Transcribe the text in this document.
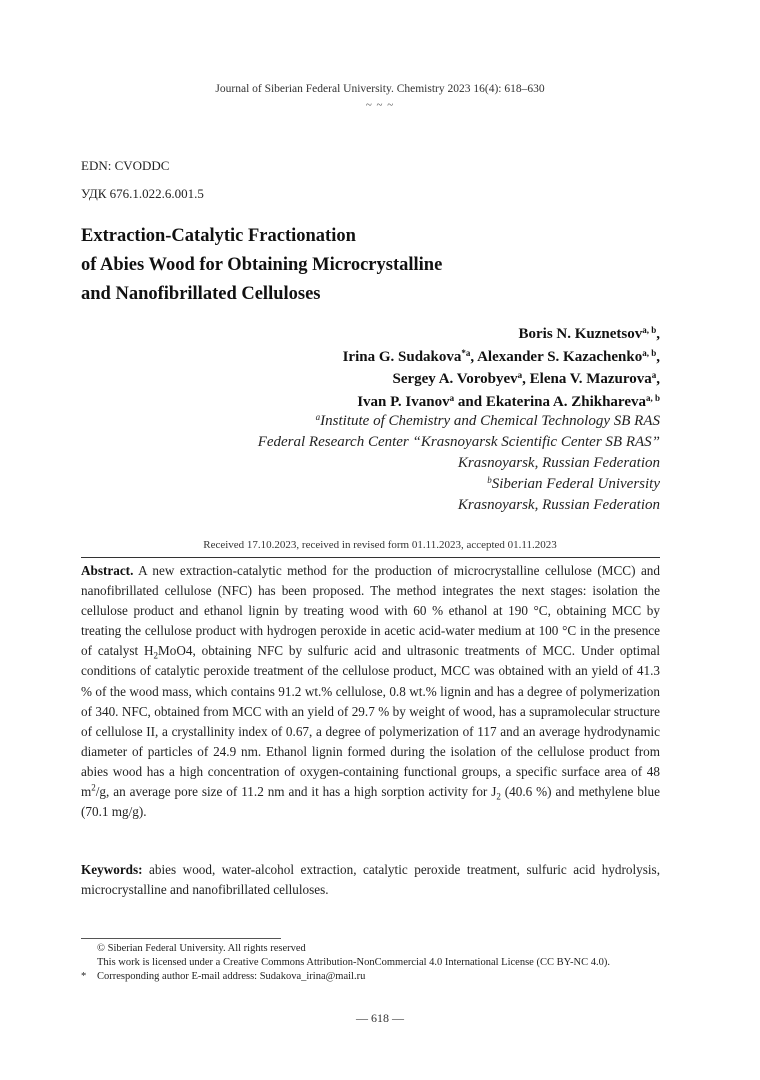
Journal of Siberian Federal University. Chemistry 2023 16(4): 618–630
~ ~ ~
EDN: CVODDC
УДК 676.1.022.6.001.5
Extraction-Catalytic Fractionation
of Abies Wood for Obtaining Microcrystalline
and Nanofibrillated Celluloses
Boris N. Kuznetsov$^{a, b}$,
Irina G. Sudakova$^{*a}$, Alexander S. Kazachenko$^{a, b}$,
Sergey A. Vorobyev$^a$, Elena V. Mazurova$^a$,
Ivan P. Ivanov$^a$ and Ekaterina A. Zhikhareva$^{a, b}$
$^a$Institute of Chemistry and Chemical Technology SB RAS
Federal Research Center “Krasnoyarsk Scientific Center SB RAS”
Krasnoyarsk, Russian Federation
$^b$Siberian Federal University
Krasnoyarsk, Russian Federation
Received 17.10.2023, received in revised form 01.11.2023, accepted 01.11.2023
Abstract. A new extraction-catalytic method for the production of microcrystalline cellulose (MCC) and nanofibrillated cellulose (NFC) has been proposed. The method integrates the next stages: isolation the cellulose product and ethanol lignin by treating wood with 60 % ethanol at 190 °C, obtaining MCC by treating the cellulose product with hydrogen peroxide in acetic acid-water medium at 100 °C in the presence of catalyst $H_2MoO4$, obtaining NFC by sulfuric acid and ultrasonic treatments of MCC. Under optimal conditions of catalytic peroxide treatment of the cellulose product, MCC was obtained with an yield of 41.3 % of the wood mass, which contains 91.2 wt.% cellulose, 0.8 wt.% lignin and has a degree of polymerization of 340. NFC, obtained from MCC with an yield of 29.7 % by weight of wood, has a supramolecular structure of cellulose II, a crystallinity index of 0.67, a degree of polymerization of 117 and an average hydrodynamic diameter of particles of 24.9 nm. Ethanol lignin formed during the isolation of the cellulose product from abies wood has a high concentration of oxygen-containing functional groups, a specific surface area of 48 $m^2/g$, an average pore size of 11.2 nm and it has a high sorption activity for $J_2$ (40.6 %) and methylene blue (70.1 mg/g).
Keywords: abies wood, water-alcohol extraction, catalytic peroxide treatment, sulfuric acid hydrolysis, microcrystalline and nanofibrillated celluloses.
© Siberian Federal University. All rights reserved
This work is licensed under a Creative Commons Attribution-NonCommercial 4.0 International License (CC BY-NC 4.0).
* Corresponding author E-mail address: Sudakova_irina@mail.ru
— 618 —
